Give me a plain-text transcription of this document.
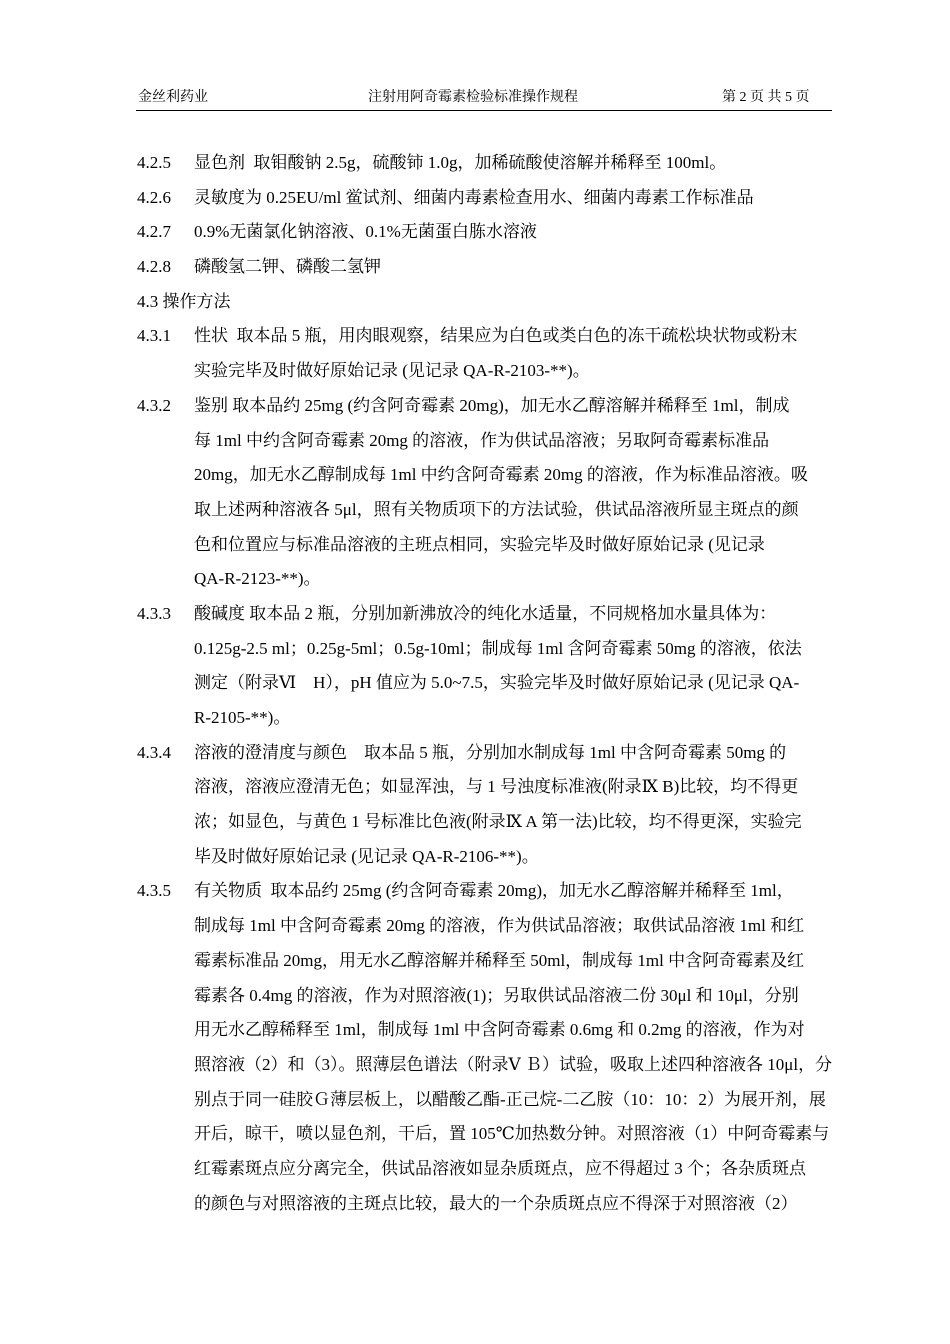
金丝利药业	注射用阿奇霉素检验标准操作规程	第 2 页 共 5 页
4.2.5 显色剂  取钼酸钠 2.5g，硫酸铈 1.0g，加稀硫酸使溶解并稀释至 100ml。
4.2.6 灵敏度为 0.25EU/ml 鲎试剂、细菌内毒素检查用水、细菌内毒素工作标准品
4.2.7 0.9%无菌氯化钠溶液、0.1%无菌蛋白胨水溶液
4.2.8 磷酸氢二钾、磷酸二氢钾
4.3 操作方法
4.3.1 性状  取本品 5 瓶，用肉眼观察，结果应为白色或类白色的冻干疏松块状物或粉末
实验完毕及时做好原始记录 (见记录 QA-R-2103-**)。
4.3.2 鉴别 取本品约 25mg (约含阿奇霉素 20mg)，加无水乙醇溶解并稀释至 1ml，制成
每 1ml 中约含阿奇霉素 20mg 的溶液，作为供试品溶液；另取阿奇霉素标准品
20mg，加无水乙醇制成每 1ml 中约含阿奇霉素 20mg 的溶液，作为标准品溶液。吸
取上述两种溶液各 5μl，照有关物质项下的方法试验，供试品溶液所显主斑点的颜
色和位置应与标准品溶液的主班点相同，实验完毕及时做好原始记录 (见记录
QA-R-2123-**)。
4.3.3 酸碱度 取本品 2 瓶，分别加新沸放冷的纯化水适量，不同规格加水量具体为：
0.125g-2.5 ml；0.25g-5ml；0.5g-10ml；制成每 1ml 含阿奇霉素 50mg 的溶液，依法
测定（附录Ⅵ    H），pH 值应为 5.0~7.5，实验完毕及时做好原始记录 (见记录 QA-
R-2105-**)。
4.3.4 溶液的澄清度与颜色    取本品 5 瓶，分别加水制成每 1ml 中含阿奇霉素 50mg 的
溶液，溶液应澄清无色；如显浑浊，与 1 号浊度标准液(附录Ⅸ B)比较，均不得更
浓；如显色，与黄色 1 号标准比色液(附录Ⅸ A 第一法)比较，均不得更深，实验完
毕及时做好原始记录 (见记录 QA-R-2106-**)。
4.3.5 有关物质  取本品约 25mg (约含阿奇霉素 20mg)，加无水乙醇溶解并稀释至 1ml，
制成每 1ml 中含阿奇霉素 20mg 的溶液，作为供试品溶液；取供试品溶液 1ml 和红
霉素标准品 20mg，用无水乙醇溶解并稀释至 50ml，制成每 1ml 中含阿奇霉素及红
霉素各 0.4mg 的溶液，作为对照溶液(1)；另取供试品溶液二份 30μl 和 10μl，分别
用无水乙醇稀释至 1ml，制成每 1ml 中含阿奇霉素 0.6mg 和 0.2mg 的溶液，作为对
照溶液（2）和（3）。照薄层色谱法（附录Ⅴ Ｂ）试验，吸取上述四种溶液各 10μl，分
别点于同一硅胶Ｇ薄层板上，以醋酸乙酯-正己烷-二乙胺（10：10：2）为展开剂，展
开后，晾干，喷以显色剂，干后，置 105℃加热数分钟。对照溶液（1）中阿奇霉素与
红霉素斑点应分离完全，供试品溶液如显杂质斑点，应不得超过 3 个；各杂质斑点
的颜色与对照溶液的主斑点比较，最大的一个杂质斑点应不得深于对照溶液（2）
